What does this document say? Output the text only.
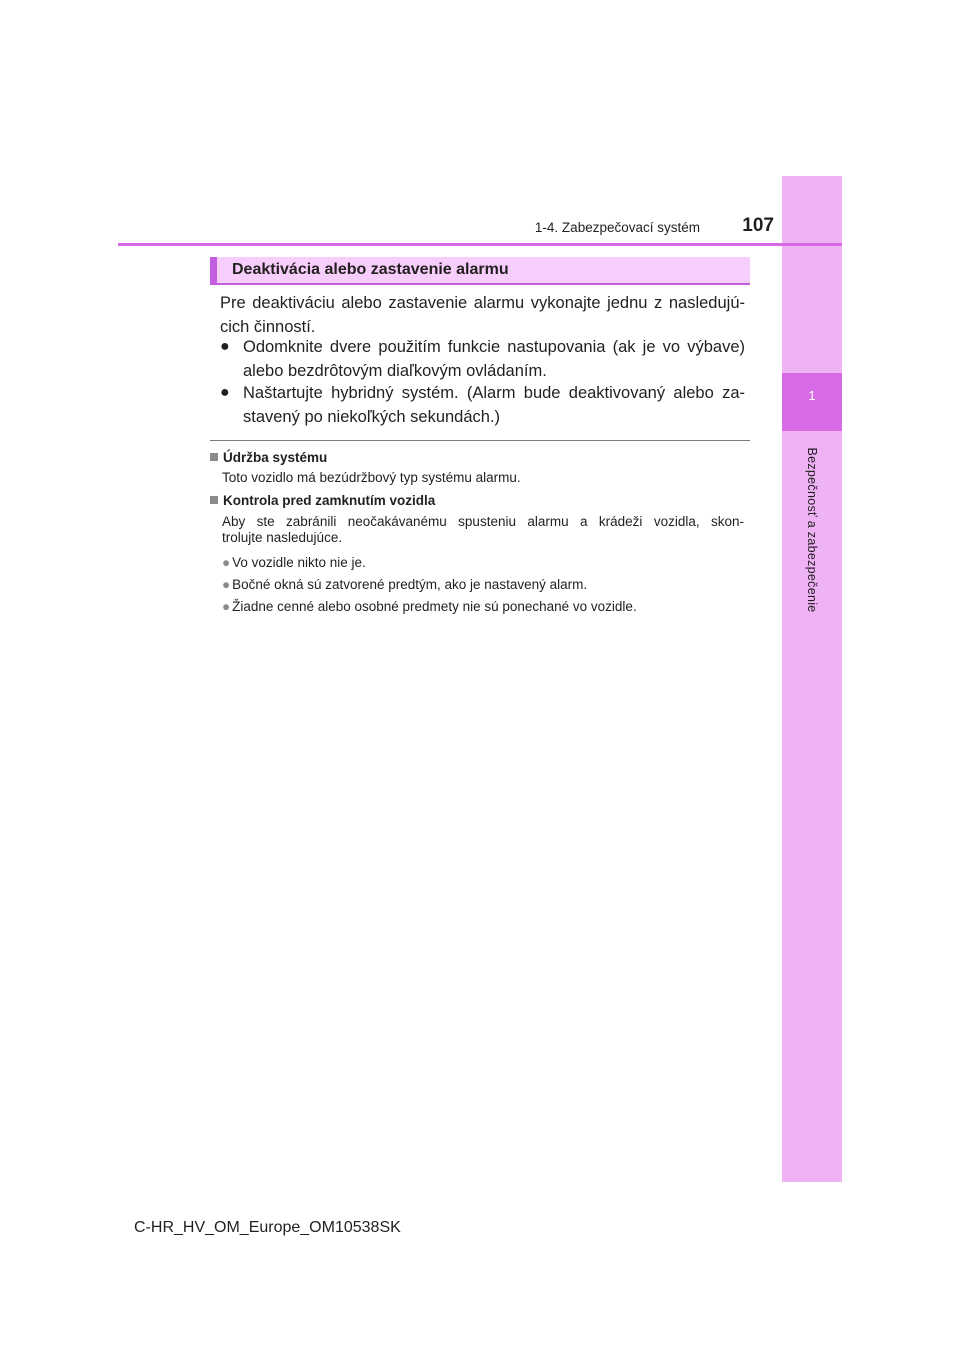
1
Bezpečnosť a zabezpečenie
1-4. Zabezpečovací systém	107
Deaktivácia alebo zastavenie alarmu
Pre deaktiváciu alebo zastavenie alarmu vykonajte jednu z nasledujú-
cich činností.
● Odomknite dvere použitím funkcie nastupovania (ak je vo výbave)
alebo bezdrôtovým diaľkovým ovládaním.
● Naštartujte hybridný systém. (Alarm bude deaktivovaný alebo za-
stavený po niekoľkých sekundách.)
Údržba systému
Toto vozidlo má bezúdržbový typ systému alarmu.
Kontrola pred zamknutím vozidla
Aby ste zabránili neočakávanému spusteniu alarmu a krádeži vozidla, skon-
trolujte nasledujúce.
● Vo vozidle nikto nie je.
● Bočné okná sú zatvorené predtým, ako je nastavený alarm.
● Žiadne cenné alebo osobné predmety nie sú ponechané vo vozidle.
C-HR_HV_OM_Europe_OM10538SK
